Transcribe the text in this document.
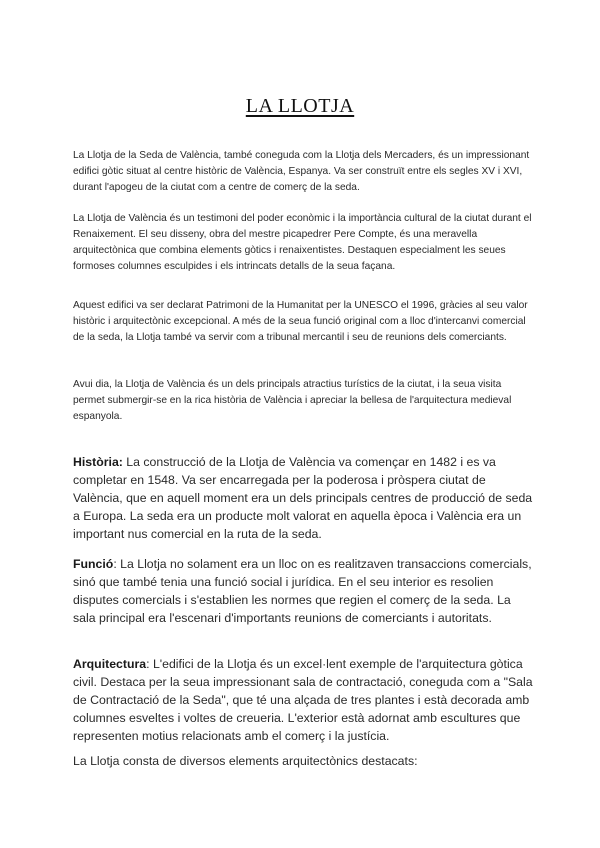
LA LLOTJA

La Llotja de la Seda de València, també coneguda com la Llotja dels Mercaders, és un impressionant edifici gòtic situat al centre històric de València, Espanya. Va ser construït entre els segles XV i XVI, durant l'apogeu de la ciutat com a centre de comerç de la seda.

La Llotja de València és un testimoni del poder econòmic i la importància cultural de la ciutat durant el Renaixement. El seu disseny, obra del mestre picapedrer Pere Compte, és una meravella arquitectònica que combina elements gòtics i renaixentistes. Destaquen especialment les seues formoses columnes esculpides i els intrincats detalls de la seua façana.

Aquest edifici va ser declarat Patrimoni de la Humanitat per la UNESCO el 1996, gràcies al seu valor històric i arquitectònic excepcional. A més de la seua funció original com a lloc d'intercanvi comercial de la seda, la Llotja també va servir com a tribunal mercantil i seu de reunions dels comerciants.

Avui dia, la Llotja de València és un dels principals atractius turístics de la ciutat, i la seua visita permet submergir-se en la rica història de València i apreciar la bellesa de l'arquitectura medieval espanyola.

Història: La construcció de la Llotja de València va començar en 1482 i es va completar en 1548. Va ser encarregada per la poderosa i pròspera ciutat de València, que en aquell moment era un dels principals centres de producció de seda a Europa. La seda era un producte molt valorat en aquella època i València era un important nus comercial en la ruta de la seda.

Funció: La Llotja no solament era un lloc on es realitzaven transaccions comercials, sinó que també tenia una funció social i jurídica. En el seu interior es resolien disputes comercials i s'establien les normes que regien el comerç de la seda. La sala principal era l'escenari d'importants reunions de comerciants i autoritats.

Arquitectura: L'edifici de la Llotja és un excel·lent exemple de l'arquitectura gòtica civil. Destaca per la seua impressionant sala de contractació, coneguda com a "Sala de Contractació de la Seda", que té una alçada de tres plantes i està decorada amb columnes esveltes i voltes de creueria. L'exterior està adornat amb escultures que representen motius relacionats amb el comerç i la justícia.

La Llotja consta de diversos elements arquitectònics destacats:
